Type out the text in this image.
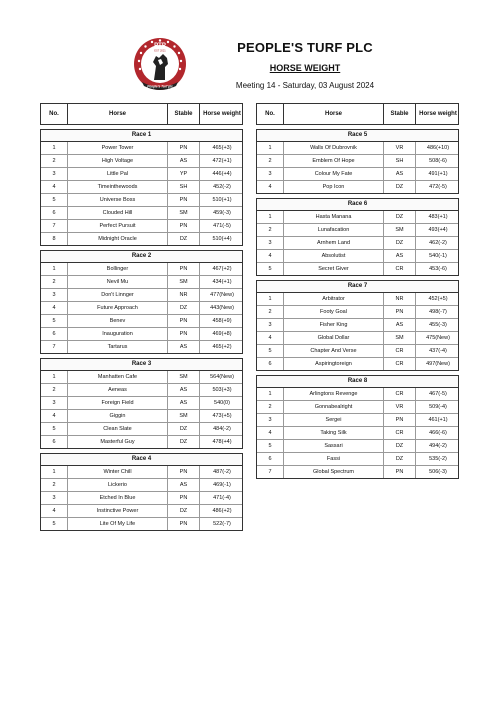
PTP
EST 2021
People's Turf plc
PEOPLE'S TURF PLC
HORSE WEIGHT
Meeting 14 - Saturday, 03 August 2024
No.	Horse	Stable	Horse weight
Race 1
1	Power Tower	PN	465(+3)
2	High Voltage	AS	472(+1)
3	Little Pal	YP	446(+4)
4	Timeinthewoods	SH	452(-2)
5	Universe Boss	PN	510(+1)
6	Clouded Hill	SM	459(-3)
7	Perfect Pursuit	PN	471(-5)
8	Midnight Oracle	DZ	510(+4)
Race 2
1	Bollinger	PN	467(+2)
2	Nevil Mu	SM	434(+1)
3	Don't Linnger	NR	477(New)
4	Future Approach	DZ	443(New)
5	Benev	PN	458(+9)
6	Inauguration	PN	469(+8)
7	Tartarus	AS	465(+2)
Race 3
1	Manhatten Cafe	SM	564(New)
2	Aeneas	AS	503(+3)
3	Foreign Field	AS	540(0)
4	Giggin	SM	473(+5)
5	Clean Slate	DZ	484(-2)
6	Masterful Guy	DZ	478(+4)
Race 4
1	Winter Chill	PN	487(-2)
2	Lickerio	AS	469(-1)
3	Etched In Blue	PN	471(-4)
4	Instinctive Power	DZ	486(+2)
5	Lite Of My Life	PN	522(-7)
No.	Horse	Stable	Horse weight
Race 5
1	Walls Of Dubrovnik	VR	486(+10)
2	Emblem Of Hope	SH	508(-6)
3	Colour My Fate	AS	491(+1)
4	Pop Icon	DZ	472(-5)
Race 6
1	Hasta Manana	DZ	483(+1)
2	Lunafacation	SM	493(+4)
3	Arnhem Land	DZ	462(-2)
4	Absolutist	AS	540(-1)
5	Secret Giver	CR	453(-6)
Race 7
1	Arbitrator	NR	452(+5)
2	Footy Goal	PN	498(-7)
3	Fisher King	AS	455(-3)
4	Global Dollar	SM	475(New)
5	Chapter And Verse	CR	437(-4)
6	Aspiringtoreign	CR	497(New)
Race 8
1	Arlingtons Revenge	CR	467(-5)
2	Gonnabealright	VR	509(-4)
3	Sergei	PN	461(+1)
4	Taking Silk	CR	466(-6)
5	Sassari	DZ	494(-2)
6	Fassi	DZ	535(-2)
7	Global Spectrum	PN	506(-3)
